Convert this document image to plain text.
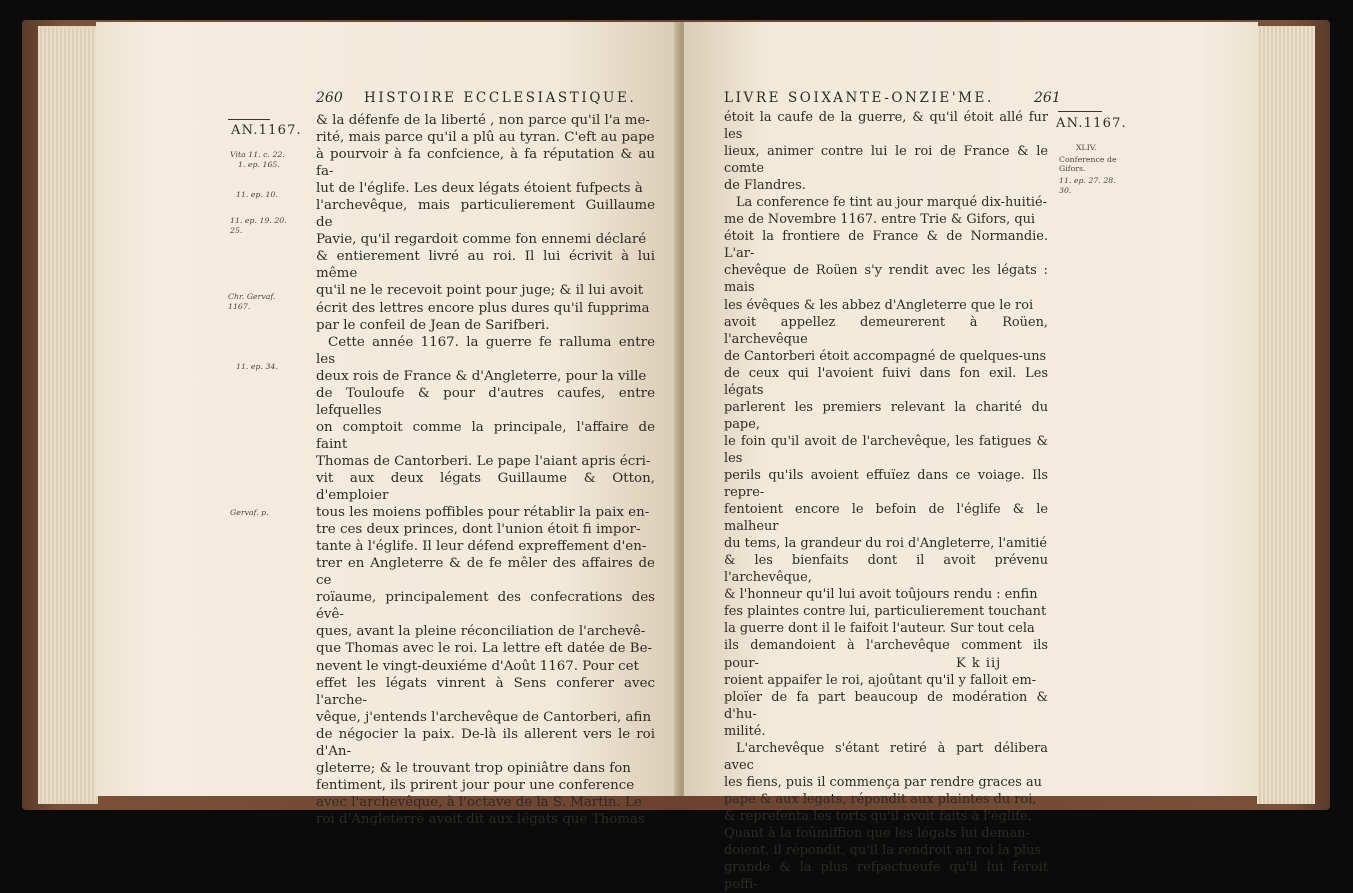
260 HISTOIRE ECCLESIASTIQUE.
AN.1167.
Vita 11. c. 22.
1. ep. 165.
11. ep. 10.
11. ep. 19. 20.
25.
Chr. Gervaf.
1167.
11. ep. 34.
Gervaf. p.

& la défenfe de la liberté , non parce qu'il l'a me-

rité, mais parce qu'il a plû au tyran. C'eft au pape

à pourvoir à fa confcience, à fa réputation & au fa-

lut de l'églife. Les deux légats étoient fufpects à

l'archevêque, mais particulierement Guillaume de

Pavie, qu'il regardoit comme fon ennemi déclaré

& entierement livré au roi. Il lui écrivit à lui même

qu'il ne le recevoit point pour juge; & il lui avoit

écrit des lettres encore plus dures qu'il fupprima

par le confeil de Jean de Sarifberi.

Cette année 1167. la guerre fe ralluma entre les

deux rois de France & d'Angleterre, pour la ville

de Touloufe & pour d'autres caufes, entre lefquelles

on comptoit comme la principale, l'affaire de faint

Thomas de Cantorberi. Le pape l'aiant apris écri-

vit aux deux légats Guillaume & Otton, d'emploier

tous les moiens poffibles pour rétablir la paix en-

tre ces deux princes, dont l'union étoit fi impor-

tante à l'églife. Il leur défend expreffement d'en-

trer en Angleterre & de fe mêler des affaires de ce

roïaume, principalement des confecrations des évê-

ques, avant la pleine réconciliation de l'archevê-

que Thomas avec le roi. La lettre eft datée de Be-

nevent le vingt-deuxiéme d'Août 1167. Pour cet

effet les légats vinrent à Sens conferer avec l'arche-

vêque, j'entends l'archevêque de Cantorberi, afin

de négocier la paix. De-là ils allerent vers le roi d'An-

gleterre; & le trouvant trop opiniâtre dans fon

fentiment, ils prirent jour pour une conference

avec l'archevêque, à l'octave de la S. Martin. Le

roi d'Angleterre avoit dit aux légats que Thomas

LIVRE SOIXANTE-ONZIE'ME.	261
AN.1167.
XLIV.
Conference de
Gifors.
11. ep. 27. 28.
30.

étoit la caufe de la guerre, & qu'il étoit allé fur les

lieux, animer contre lui le roi de France & le comte

de Flandres.

La conference fe tint au jour marqué dix-huitié-

me de Novembre 1167. entre Trie & Gifors, qui

étoit la frontiere de France & de Normandie. L'ar-

chevêque de Roüen s'y rendit avec les légats : mais

les évêques & les abbez d'Angleterre que le roi

avoit appellez demeurerent à Roüen, l'archevêque

de Cantorberi étoit accompagné de quelques-uns

de ceux qui l'avoient fuivi dans fon exil. Les légats

parlerent les premiers relevant la charité du pape,

le foin qu'il avoit de l'archevêque, les fatigues & les

perils qu'ils avoient effuïez dans ce voiage. Ils repre-

fentoient encore le befoin de l'églife & le malheur

du tems, la grandeur du roi d'Angleterre, l'amitié

& les bienfaits dont il avoit prévenu l'archevêque,

& l'honneur qu'il lui avoit toûjours rendu : enfin

fes plaintes contre lui, particulierement touchant

la guerre dont il le faifoit l'auteur. Sur tout cela

ils demandoient à l'archevêque comment ils pour-

roient appaifer le roi, ajoûtant qu'il y falloit em-

ploïer de fa part beaucoup de modération & d'hu-

milité.

L'archevêque s'étant retiré à part délibera avec

les fiens, puis il commença par rendre graces au

pape & aux legats, répondit aux plaintes du roi,

& reprefenta les torts qu'il avoit faits à l'églife.

Quant à la foûmiffion que les légats lui deman-

doient, il répondit, qu'il la rendroit au roi la plus

grande & la plus refpectueufe qu'il lui feroit poffi-

K k iij
